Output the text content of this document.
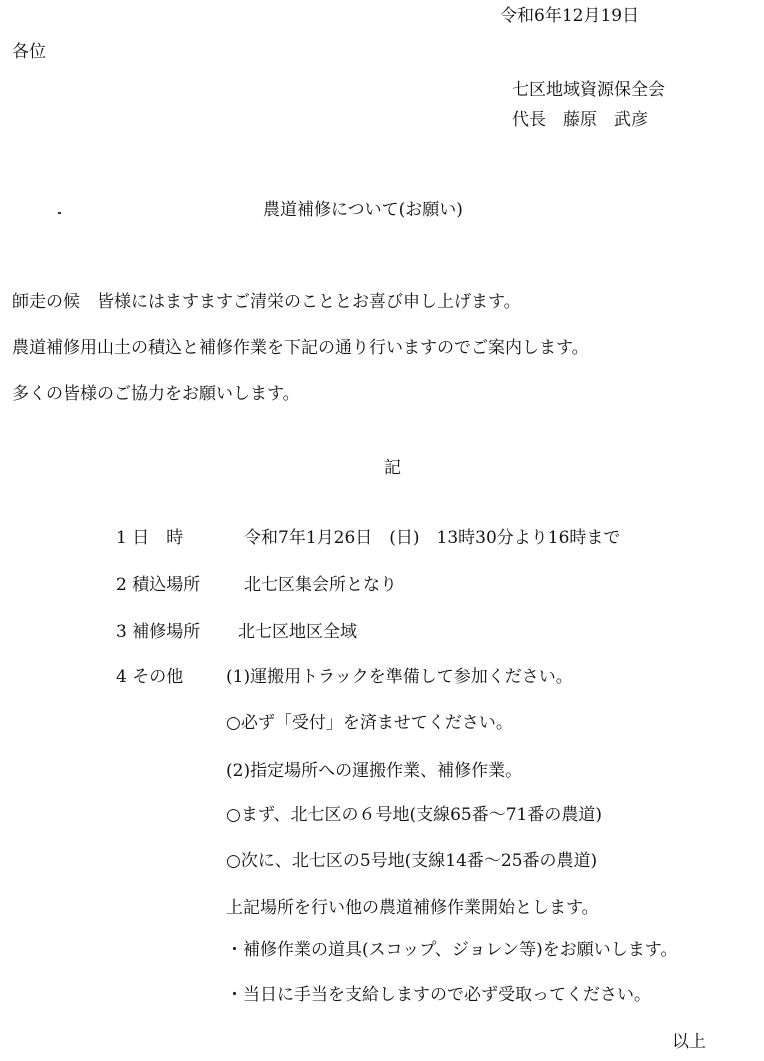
令和6年12月19日
各位
七区地域資源保全会
代長　藤原　武彦
農道補修について(お願い)
師走の候　皆様にはますますご清栄のこととお喜び申し上げます。
農道補修用山土の積込と補修作業を下記の通り行いますのでご案内します。
多くの皆様のご協力をお願いします。
記
1 日　時	令和7年1月26日　(日)　13時30分より16時まで
2 積込場所	北七区集会所となり
3 補修場所 北七区地区全域
4 その他	(1)運搬用トラックを準備して参加ください。
○必ず「受付」を済ませてください。
(2)指定場所への運搬作業、補修作業。
○まず、北七区の６号地(支線65番～71番の農道)
○次に、北七区の5号地(支線14番～25番の農道)
上記場所を行い他の農道補修作業開始とします。
・補修作業の道具(スコップ、ジョレン等)をお願いします。
・当日に手当を支給しますので必ず受取ってください。
以上
